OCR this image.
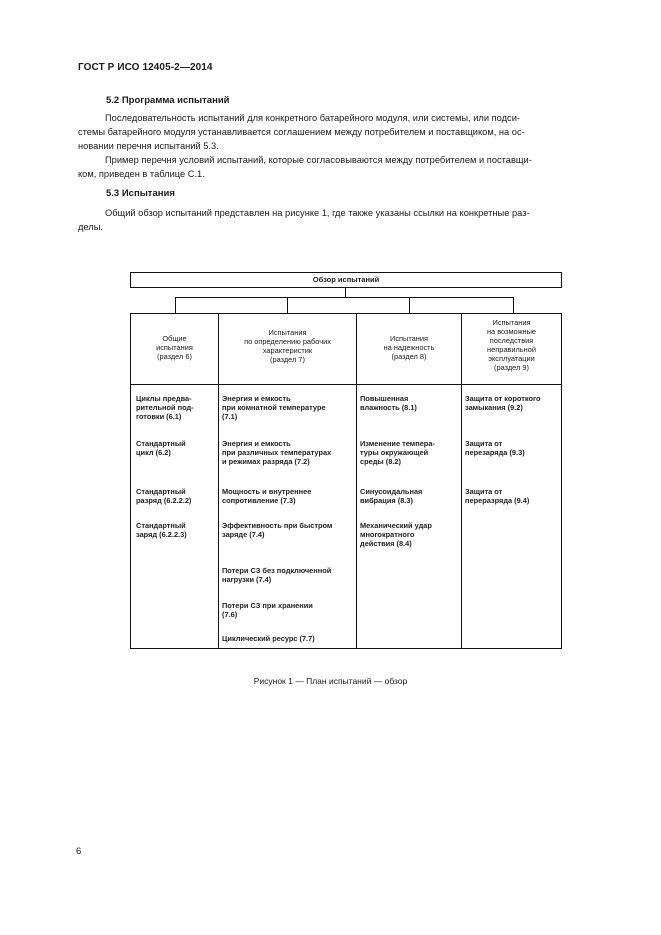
ГОСТ Р ИСО 12405-2—2014
5.2 Программа испытаний
Последовательность испытаний для конкретного батарейного модуля, или системы, или подси-
стемы батарейного модуля устанавливается соглашением между потребителем и поставщиком, на ос-
новании перечня испытаний 5.3.
Пример перечня условий испытаний, которые согласовываются между потребителем и поставщи-
ком, приведен в таблице С.1.
5.3 Испытания
Общий обзор испытаний представлен на рисунке 1, где также указаны ссылки на конкретные раз-
делы.
Обзор испытаний
Общие
испытания
(раздел 6)
Испытания
по определению рабочих
характеристик
(раздел 7)
Испытания
на надежность
(раздел 8)
Испытания
на возможные
последствия
неправильной
эксплуатации
(раздел 9)
Циклы предва-
рительной под-
готовки (6.1)
Стандартный
цикл (6.2)
Стандартный
разряд (6.2.2.2)
Стандартный
заряд (6.2.2.3)
Энергия и емкость
при комнатной температуре
(7.1)
Энергия и емкость
при различных температурах
и режимах разряда (7.2)
Мощность и внутреннее
сопротивление (7.3)
Эффективность при быстром
заряде (7.4)
Потери СЗ без подключенной
нагрузки (7.4)
Потери СЗ при хранении
(7.6)
Циклический ресурс (7.7)
Повышенная
влажность (8.1)
Изменение темпера-
туры окружающей
среды (8.2)
Синусоидальная
вибрация (8.3)
Механический удар
многократного
действия (8.4)
Защита от короткого
замыкания (9.2)
Защита от
перезаряда (9.3)
Защита от
переразряда (9.4)
Рисунок 1 — План испытаний — обзор
6
